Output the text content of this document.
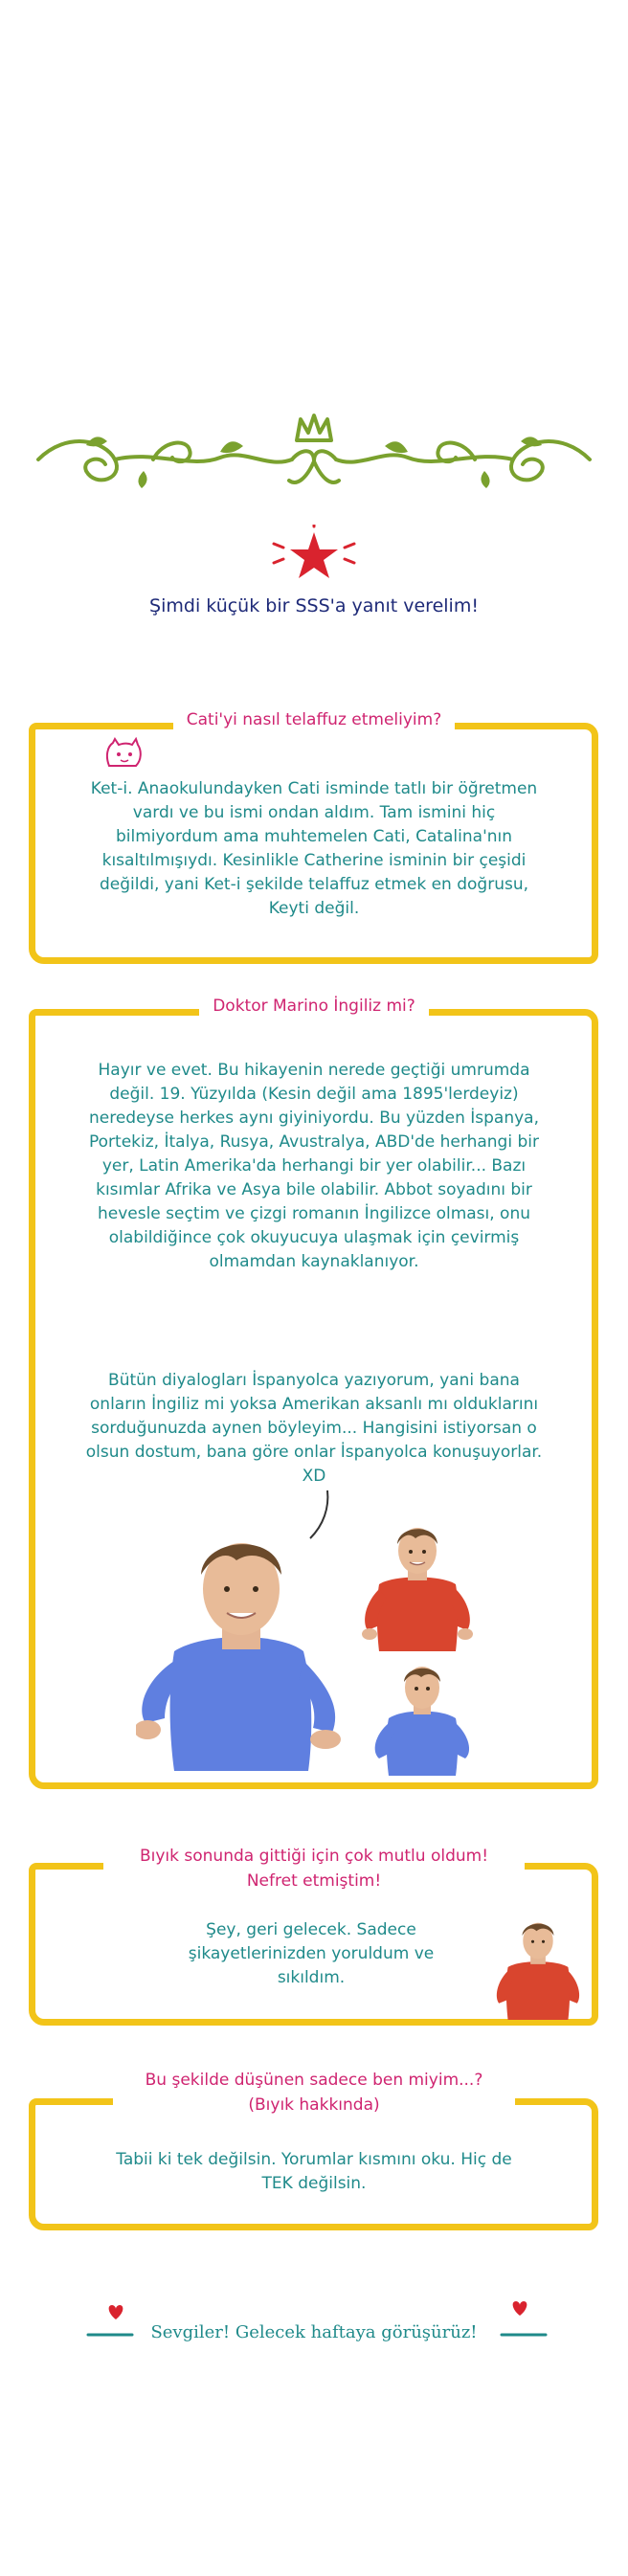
Şimdi küçük bir SSS'a yanıt verelim!
Cati'yi nasıl telaffuz etmeliyim?
Ket-i. Anaokulundayken Cati isminde tatlı bir öğretmen vardı ve bu ismi ondan aldım. Tam ismini hiç bilmiyordum ama muhtemelen Cati, Catalina'nın kısaltılmışıydı. Kesinlikle Catherine isminin bir çeşidi değildi, yani Ket-i şekilde telaffuz etmek en doğrusu, Keyti değil.
Doktor Marino İngiliz mi?
Hayır ve evet. Bu hikayenin nerede geçtiği umrumda değil. 19. Yüzyılda (Kesin değil ama 1895'lerdeyiz) neredeyse herkes aynı giyiniyordu. Bu yüzden İspanya, Portekiz, İtalya, Rusya, Avustralya, ABD'de herhangi bir yer, Latin Amerika'da herhangi bir yer olabilir... Bazı kısımlar Afrika ve Asya bile olabilir. Abbot soyadını bir hevesle seçtim ve çizgi romanın İngilizce olması, onu olabildiğince çok okuyucuya ulaşmak için çevirmiş olmamdan kaynaklanıyor.
Bütün diyalogları İspanyolca yazıyorum, yani bana onların İngiliz mi yoksa Amerikan aksanlı mı olduklarını sorduğunuzda aynen böyleyim... Hangisini istiyorsan o olsun dostum, bana göre onlar İspanyolca konuşuyorlar. XD
Bıyık sonunda gittiği için çok mutlu oldum! Nefret etmiştim!
Şey, geri gelecek. Sadece şikayetlerinizden yoruldum ve sıkıldım.
Bu şekilde düşünen sadece ben miyim...? (Bıyık hakkında)
Tabii ki tek değilsin. Yorumlar kısmını oku. Hiç de TEK değilsin.
Sevgiler! Gelecek haftaya görüşürüz!
